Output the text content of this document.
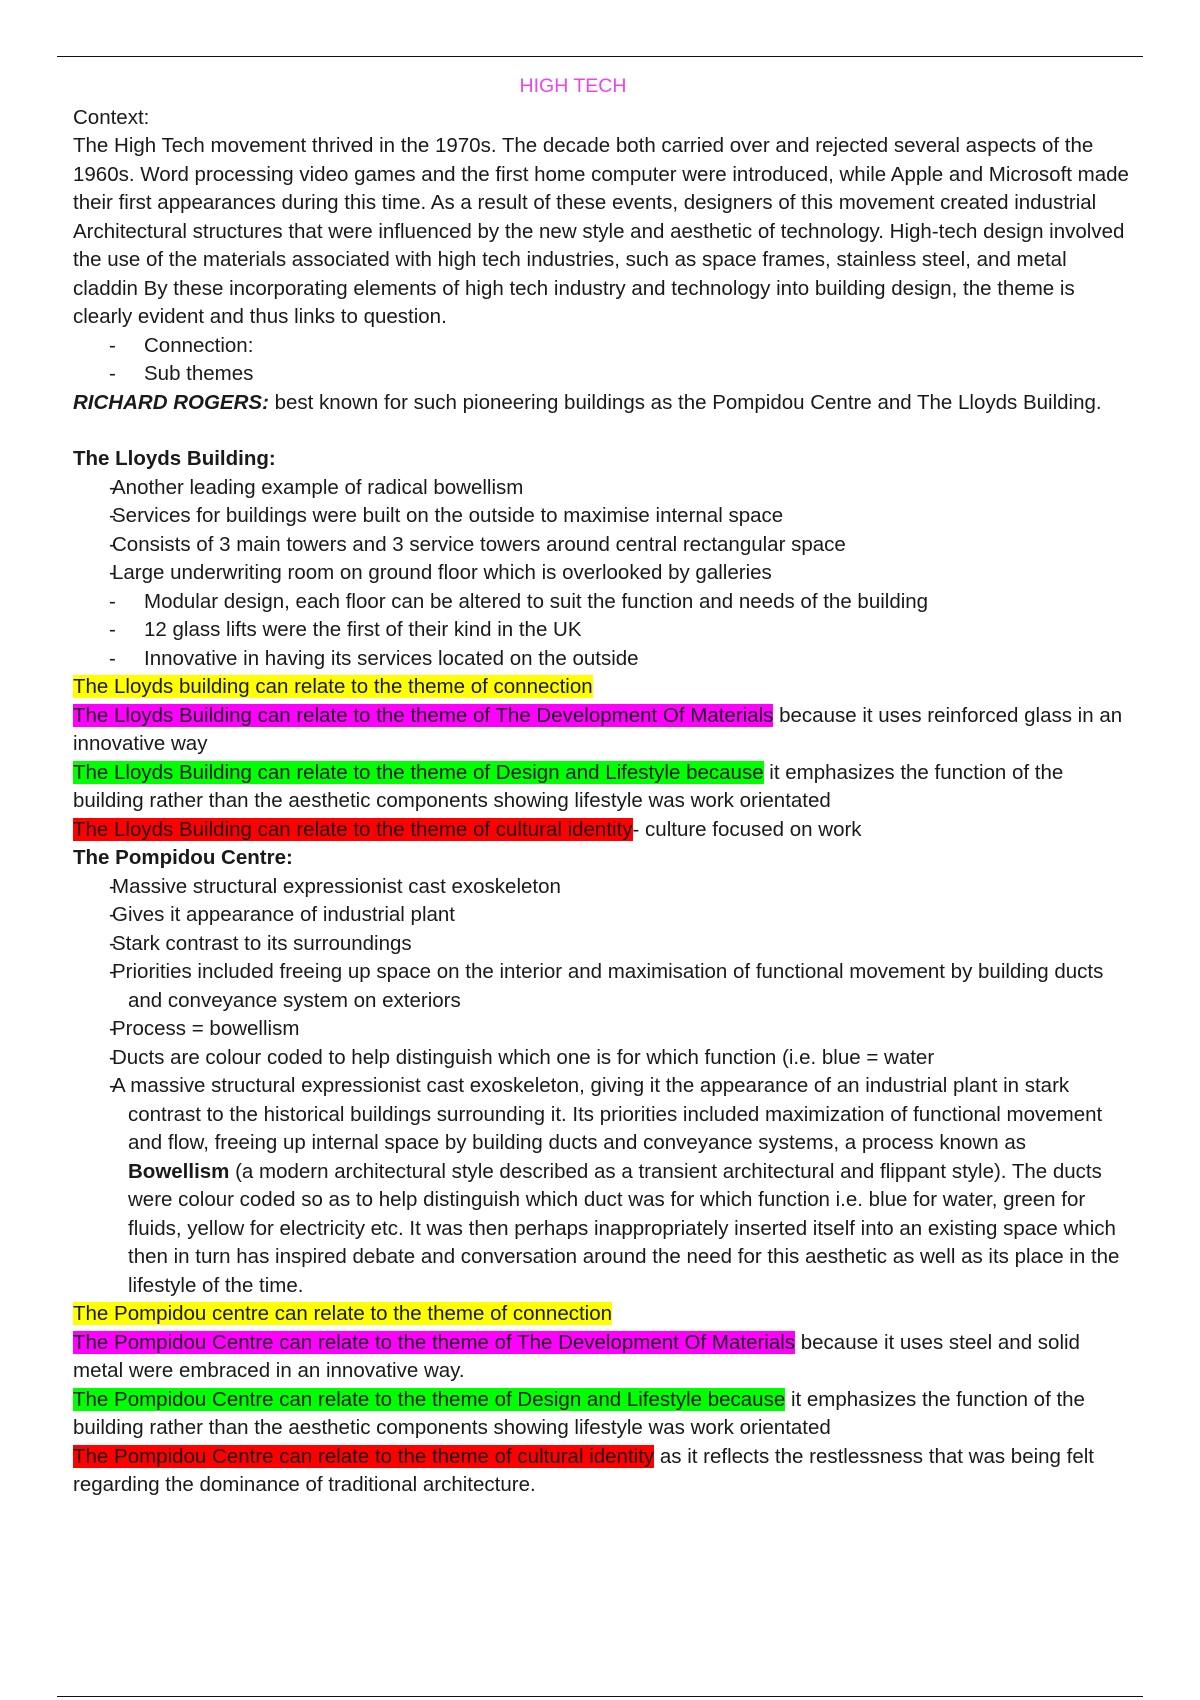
HIGH TECH

Context:

The High Tech movement thrived in the 1970s. The decade both carried over and rejected several aspects of the 1960s. Word processing video games and the first home computer were introduced, while Apple and Microsoft made their first appearances during this time. As a result of these events, designers of this movement created industrial Architectural structures that were influenced by the new style and aesthetic of technology. High-tech design involved the use of the materials associated with high tech industries, such as space frames, stainless steel, and metal claddin By these incorporating elements of high tech industry and technology into building design, the theme is clearly evident and thus links to question.

- Connection:
- Sub themes

RICHARD ROGERS: best known for such pioneering buildings as the Pompidou Centre and The Lloyds Building.

The Lloyds Building:

- Another leading example of radical bowellism
- Services for buildings were built on the outside to maximise internal space
- Consists of 3 main towers and 3 service towers around central rectangular space
- Large underwriting room on ground floor which is overlooked by galleries
- Modular design, each floor can be altered to suit the function and needs of the building
- 12 glass lifts were the first of their kind in the UK
- Innovative in having its services located on the outside

The Lloyds building can relate to the theme of connection

The Lloyds Building can relate to the theme of The Development Of Materials because it uses reinforced glass in an innovative way

The Lloyds Building can relate to the theme of Design and Lifestyle because it emphasizes the function of the building rather than the aesthetic components showing lifestyle was work orientated

The Lloyds Building can relate to the theme of cultural identity- culture focused on work

The Pompidou Centre:

- Massive structural expressionist cast exoskeleton
- Gives it appearance of industrial plant
- Stark contrast to its surroundings
- Priorities included freeing up space on the interior and maximisation of functional movement by building ducts and conveyance system on exteriors
- Process = bowellism
- Ducts are colour coded to help distinguish which one is for which function (i.e. blue = water
- A massive structural expressionist cast exoskeleton, giving it the appearance of an industrial plant in stark contrast to the historical buildings surrounding it. Its priorities included maximization of functional movement and flow, freeing up internal space by building ducts and conveyance systems, a process known as Bowellism (a modern architectural style described as a transient architectural and flippant style). The ducts were colour coded so as to help distinguish which duct was for which function i.e. blue for water, green for fluids, yellow for electricity etc. It was then perhaps inappropriately inserted itself into an existing space which then in turn has inspired debate and conversation around the need for this aesthetic as well as its place in the lifestyle of the time.

The Pompidou centre can relate to the theme of connection

The Pompidou Centre can relate to the theme of The Development Of Materials because it uses steel and solid metal were embraced in an innovative way.

The Pompidou Centre can relate to the theme of Design and Lifestyle because it emphasizes the function of the building rather than the aesthetic components showing lifestyle was work orientated

The Pompidou Centre can relate to the theme of cultural identity as it reflects the restlessness that was being felt regarding the dominance of traditional architecture.
